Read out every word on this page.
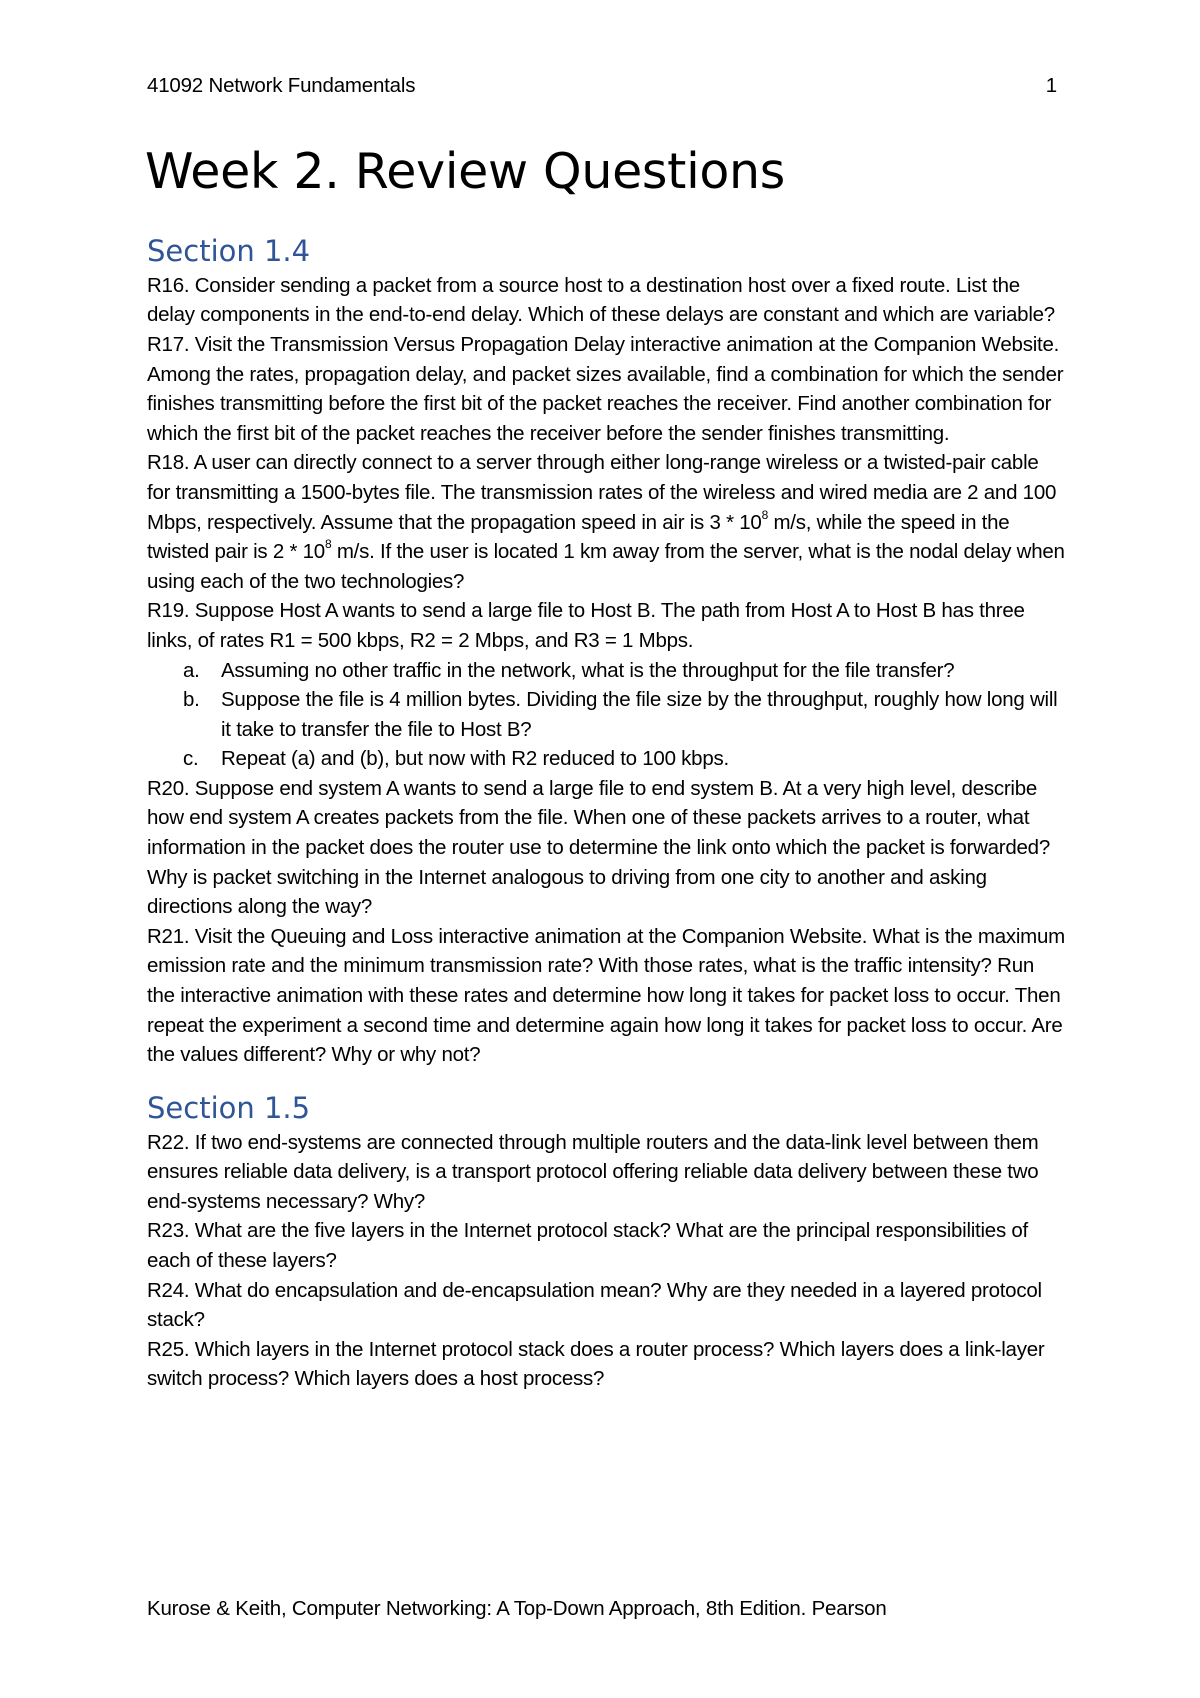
41092 Network Fundamentals	1
Week 2. Review Questions
Section 1.4

R16. Consider sending a packet from a source host to a destination host over a fixed route. List the delay components in the end-to-end delay. Which of these delays are constant and which are variable?

R17. Visit the Transmission Versus Propagation Delay interactive animation at the Companion Website. Among the rates, propagation delay, and packet sizes available, find a combination for which the sender finishes transmitting before the first bit of the packet reaches the receiver. Find another combination for which the first bit of the packet reaches the receiver before the sender finishes transmitting.

R18. A user can directly connect to a server through either long-range wireless or a twisted-pair cable for transmitting a 1500-bytes file. The transmission rates of the wireless and wired media are 2 and 100 Mbps, respectively. Assume that the propagation speed in air is $3 * 10^8$ m/s, while the speed in the twisted pair is $2 * 10^8$ m/s. If the user is located 1 km away from the server, what is the nodal delay when using each of the two technologies?

R19. Suppose Host A wants to send a large file to Host B. The path from Host A to Host B has three links, of rates R1 = 500 kbps, R2 = 2 Mbps, and R3 = 1 Mbps.

a. Assuming no other traffic in the network, what is the throughput for the file transfer?
b. Suppose the file is 4 million bytes. Dividing the file size by the throughput, roughly how long will it take to transfer the file to Host B?
c. Repeat (a) and (b), but now with R2 reduced to 100 kbps.

R20. Suppose end system A wants to send a large file to end system B. At a very high level, describe how end system A creates packets from the file. When one of these packets arrives to a router, what information in the packet does the router use to determine the link onto which the packet is forwarded? Why is packet switching in the Internet analogous to driving from one city to another and asking directions along the way?

R21. Visit the Queuing and Loss interactive animation at the Companion Website. What is the maximum emission rate and the minimum transmission rate? With those rates, what is the traffic intensity? Run the interactive animation with these rates and determine how long it takes for packet loss to occur. Then repeat the experiment a second time and determine again how long it takes for packet loss to occur. Are the values different? Why or why not?

Section 1.5

R22. If two end-systems are connected through multiple routers and the data-link level between them ensures reliable data delivery, is a transport protocol offering reliable data delivery between these two end-systems necessary? Why?

R23. What are the five layers in the Internet protocol stack? What are the principal responsibilities of each of these layers?

R24. What do encapsulation and de-encapsulation mean? Why are they needed in a layered protocol stack?

R25. Which layers in the Internet protocol stack does a router process? Which layers does a link-layer switch process? Which layers does a host process?

Kurose & Keith, Computer Networking: A Top-Down Approach, 8th Edition. Pearson
